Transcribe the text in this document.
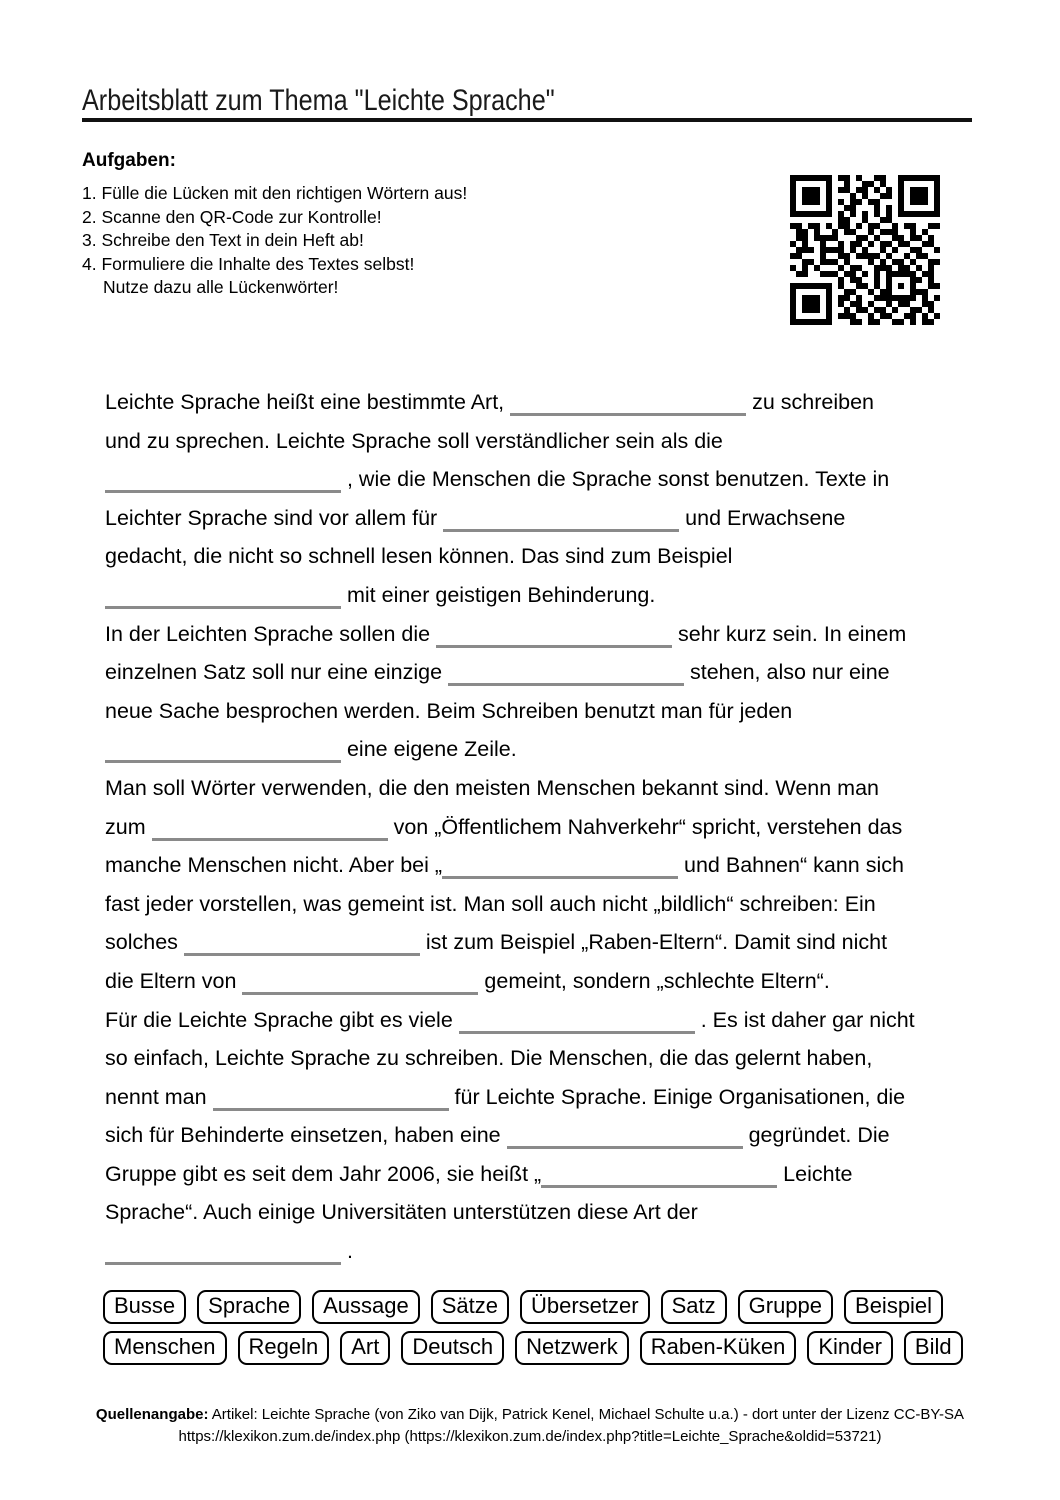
Arbeitsblatt zum Thema "Leichte Sprache"
Aufgaben:
1. Fülle die Lücken mit den richtigen Wörtern aus!
2. Scanne den QR-Code zur Kontrolle!
3. Schreibe den Text in dein Heft ab!
4. Formuliere die Inhalte des Textes selbst!
Nutze dazu alle Lückenwörter!
Leichte Sprache heißt eine bestimmte Art,	zu schreiben
und zu sprechen. Leichte Sprache soll verständlicher sein als die
, wie die Menschen die Sprache sonst benutzen. Texte in
Leichter Sprache sind vor allem für	und Erwachsene
gedacht, die nicht so schnell lesen können. Das sind zum Beispiel
mit einer geistigen Behinderung.
In der Leichten Sprache sollen die	sehr kurz sein. In einem
einzelnen Satz soll nur eine einzige	stehen, also nur eine
neue Sache besprochen werden. Beim Schreiben benutzt man für jeden
eine eigene Zeile.
Man soll Wörter verwenden, die den meisten Menschen bekannt sind. Wenn man
zum	von „Öffentlichem Nahverkehr“ spricht, verstehen das
manche Menschen nicht. Aber bei „	und Bahnen“ kann sich
fast jeder vorstellen, was gemeint ist. Man soll auch nicht „bildlich“ schreiben: Ein
solches	ist zum Beispiel „Raben-Eltern“. Damit sind nicht
die Eltern von	gemeint, sondern „schlechte Eltern“.
Für die Leichte Sprache gibt es viele	. Es ist daher gar nicht
so einfach, Leichte Sprache zu schreiben. Die Menschen, die das gelernt haben,
nennt man	für Leichte Sprache. Einige Organisationen, die
sich für Behinderte einsetzen, haben eine	gegründet. Die
Gruppe gibt es seit dem Jahr 2006, sie heißt „	Leichte
Sprache“. Auch einige Universitäten unterstützen diese Art der
.
Busse Sprache Aussage Sätze Übersetzer Satz Gruppe Beispiel
Menschen Regeln Art Deutsch Netzwerk Raben-Küken Kinder Bild
Quellenangabe: Artikel: Leichte Sprache (von Ziko van Dijk, Patrick Kenel, Michael Schulte u.a.) - dort unter der Lizenz CC-BY-SA
https://klexikon.zum.de/index.php (https://klexikon.zum.de/index.php?title=Leichte_Sprache&oldid=53721)
